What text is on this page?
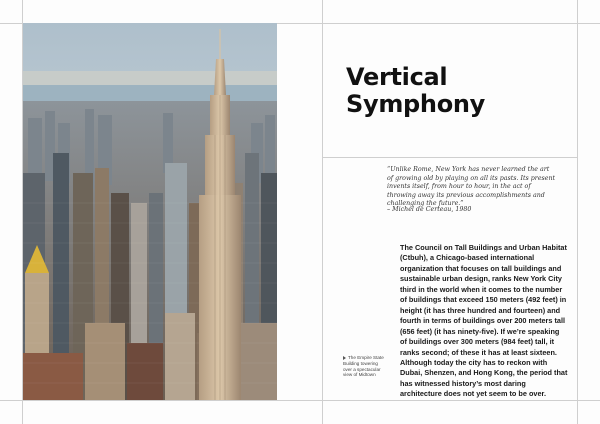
Vertical
Symphony
“Unlike Rome, New York has never learned the art of growing old by playing on all its pasts. Its present invents itself, from hour to hour, in the act of throwing away its previous accomplishments and challenging the future.”
– Michel de Certeau, 1980
The Council on Tall Buildings and Urban Habitat (Ctbuh), a Chicago-based international organization that focuses on tall buildings and sustainable urban design, ranks New York City third in the world when it comes to the number of buildings that exceed 150 meters (492 feet) in height (it has three hundred and fourteen) and fourth in terms of buildings over 200 meters tall (656 feet) (it has ninety-five). If we’re speaking of buildings over 300 meters (984 feet) tall, it ranks second; of these it has at least sixteen. Although today the city has to reckon with Dubai, Shenzen, and Hong Kong, the period that has witnessed history’s most daring architecture does not yet seem to be over.
The Empire State Building towering over a spectacular view of Midtown
